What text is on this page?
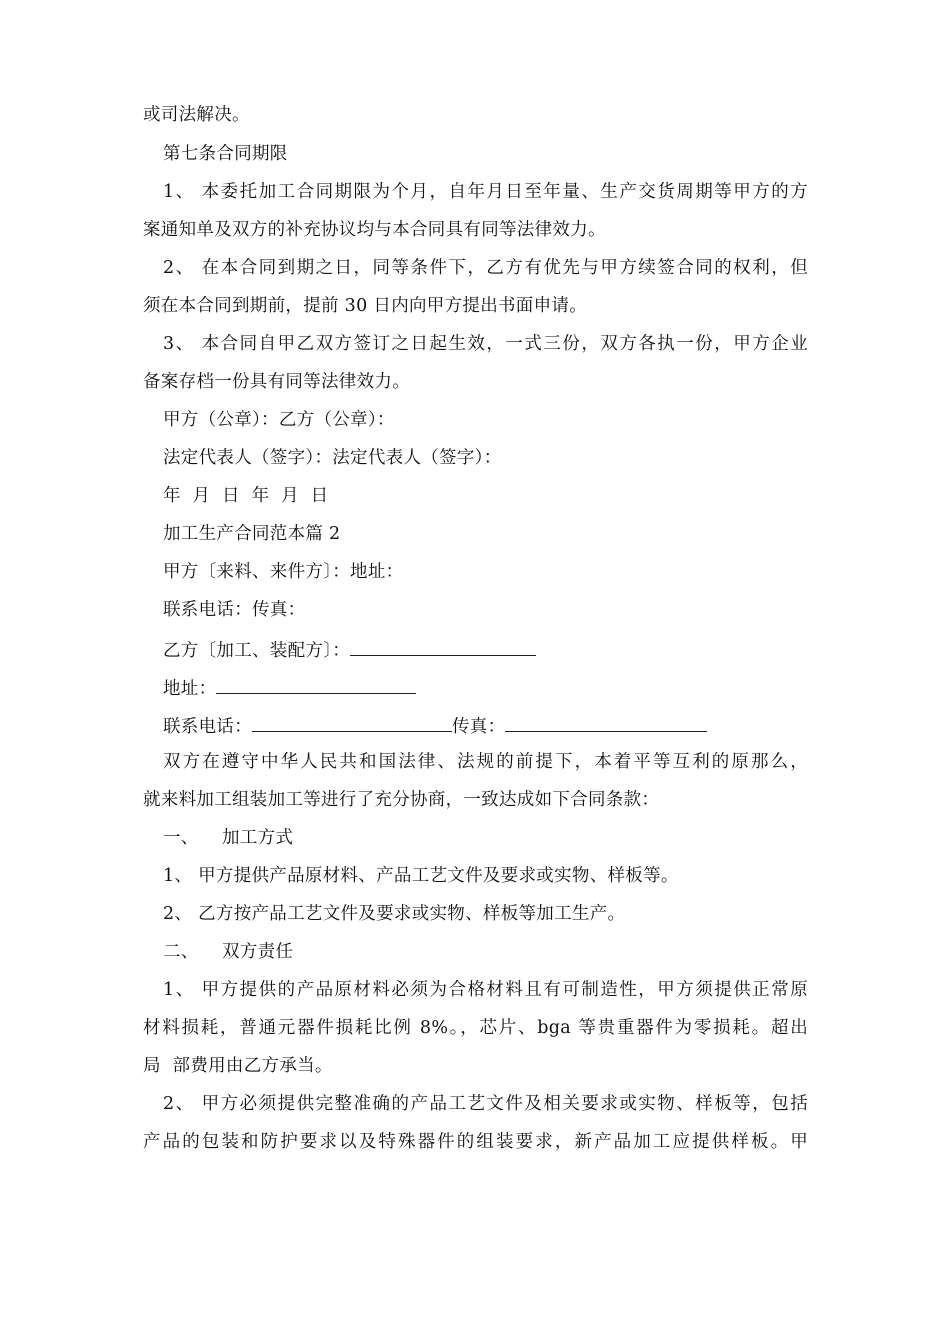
或司法解决。
第七条合同期限
1、 本委托加工合同期限为个月，自年月日至年量、生产交货周期等甲方的方
案通知单及双方的补充协议均与本合同具有同等法律效力。
2、 在本合同到期之日，同等条件下，乙方有优先与甲方续签合同的权利，但
须在本合同到期前，提前 30 日内向甲方提出书面申请。
3、 本合同自甲乙双方签订之日起生效，一式三份，双方各执一份，甲方企业
备案存档一份具有同等法律效力。
甲方（公章）：乙方（公章）：
法定代表人（签字）：法定代表人（签字）：
年  月  日  年  月  日
加工生产合同范本篇 2
甲方〔来料、来件方〕：地址：
联系电话：传真：
乙方〔加工、装配方〕：
地址：
联系电话：	传真：
双方在遵守中华人民共和国法律、法规的前提下，本着平等互利的原那么，
就来料加工组装加工等进行了充分协商，一致达成如下合同条款：
一、    加工方式
1、 甲方提供产品原材料、产品工艺文件及要求或实物、样板等。
2、 乙方按产品工艺文件及要求或实物、样板等加工生产。
二、    双方责任
1、 甲方提供的产品原材料必须为合格材料且有可制造性，甲方须提供正常原
材料损耗，普通元器件损耗比例 8%。，芯片、bga 等贵重器件为零损耗。超出
局  部费用由乙方承当。
2、 甲方必须提供完整准确的产品工艺文件及相关要求或实物、样板等，包括
产品的包装和防护要求以及特殊器件的组装要求，新产品加工应提供样板。甲
